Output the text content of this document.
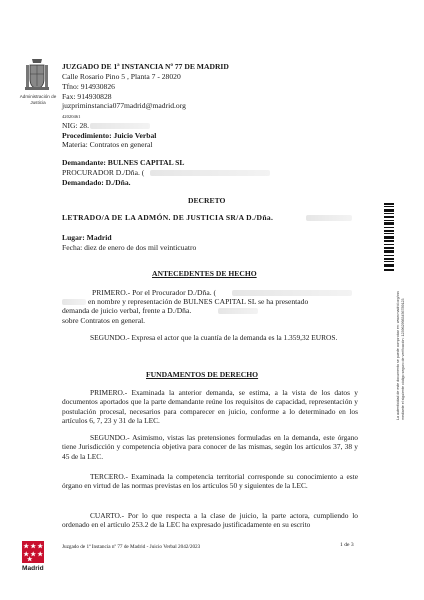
Administración de Justicia
JUZGADO DE 1ª INSTANCIA Nº 77 DE MADRID
Calle Rosario Pino 5 , Planta 7 - 28020
Tfno: 914930826
Fax: 914930828
juzpriminstancia077madrid@madrid.org
42020461
NIG: 28.
Procedimiento: Juicio Verbal
Materia: Contratos en general
Demandante: BULNES CAPITAL SL
PROCURADOR D./Dña. (
Demandado: D./Dña.
DECRETO
LETRADO/A DE LA ADMÓN. DE JUSTICIA SR/A D./Dña.
Lugar: Madrid
Fecha: diez de enero de dos mil veinticuatro
ANTECEDENTES DE HECHO
PRIMERO.- Por el Procurador D./Dña. (
en nombre y representación de BULNES CAPITAL SL se ha presentado
demanda de juicio verbal, frente a D./Dña.
sobre Contratos en general.
SEGUNDO.- Expresa el actor que la cuantía de la demanda es la 1.359,32 EUROS.
FUNDAMENTOS DE DERECHO
PRIMERO.- Examinada la anterior demanda, se estima, a la vista de los datos y documentos aportados que la parte demandante reúne los requisitos de capacidad, representación y postulación procesal, necesarios para comparecer en juicio, conforme a lo determinado en los artículos 6, 7, 23 y 31 de la LEC.
SEGUNDO.- Asimismo, vistas las pretensiones formuladas en la demanda, este órgano tiene Jurisdicción y competencia objetiva para conocer de las mismas, según los artículos 37, 38 y 45 de la LEC.
TERCERO.- Examinada la competencia territorial corresponde su conocimiento a este órgano en virtud de las normas previstas en los artículos 50 y siguientes de la LEC.
CUARTO.- Por lo que respecta a la clase de juicio, la parte actora, cumpliendo lo ordenado en el artículo 253.2 de la LEC ha expresado justificadamente en su escrito
La autenticidad de este documento se puede comprobar en: www.madrid.org/csv mediante el siguiente código seguro de verificación: 1239629983456789123
Madrid
Juzgado de 1ª Instancia nº 77 de Madrid - Juicio Verbal 2042/2023	1 de 3
